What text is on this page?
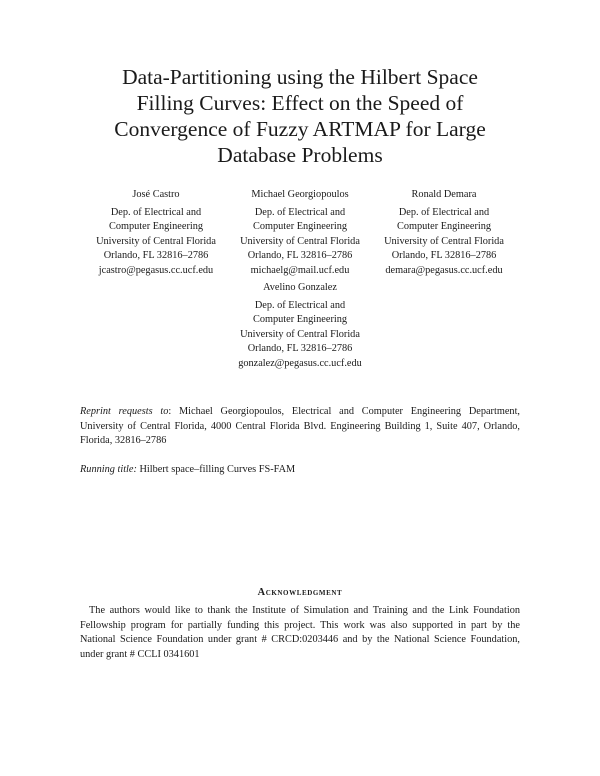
Data-Partitioning using the Hilbert Space
Filling Curves: Effect on the Speed of
Convergence of Fuzzy ARTMAP for Large
Database Problems
José Castro
Dep. of Electrical and
Computer Engineering
University of Central Florida
Orlando, FL 32816–2786
jcastro@pegasus.cc.ucf.edu
Michael Georgiopoulos
Dep. of Electrical and
Computer Engineering
University of Central Florida
Orlando, FL 32816–2786
michaelg@mail.ucf.edu
Ronald Demara
Dep. of Electrical and
Computer Engineering
University of Central Florida
Orlando, FL 32816–2786
demara@pegasus.cc.ucf.edu
Avelino Gonzalez
Dep. of Electrical and
Computer Engineering
University of Central Florida
Orlando, FL 32816–2786
gonzalez@pegasus.cc.ucf.edu
Reprint requests to: Michael Georgiopoulos, Electrical and Computer Engineering Department,
University of Central Florida, 4000 Central Florida Blvd. Engineering Building 1, Suite 407, Orlando,
Florida, 32816–2786
Running title: Hilbert space–filling Curves FS-FAM
Acknowledgment
The authors would like to thank the Institute of Simulation and Training and the Link Foundation
Fellowship program for partially funding this project. This work was also supported in part by the
National Science Foundation under grant # CRCD:0203446 and by the National Science Foundation,
under grant # CCLI 0341601
